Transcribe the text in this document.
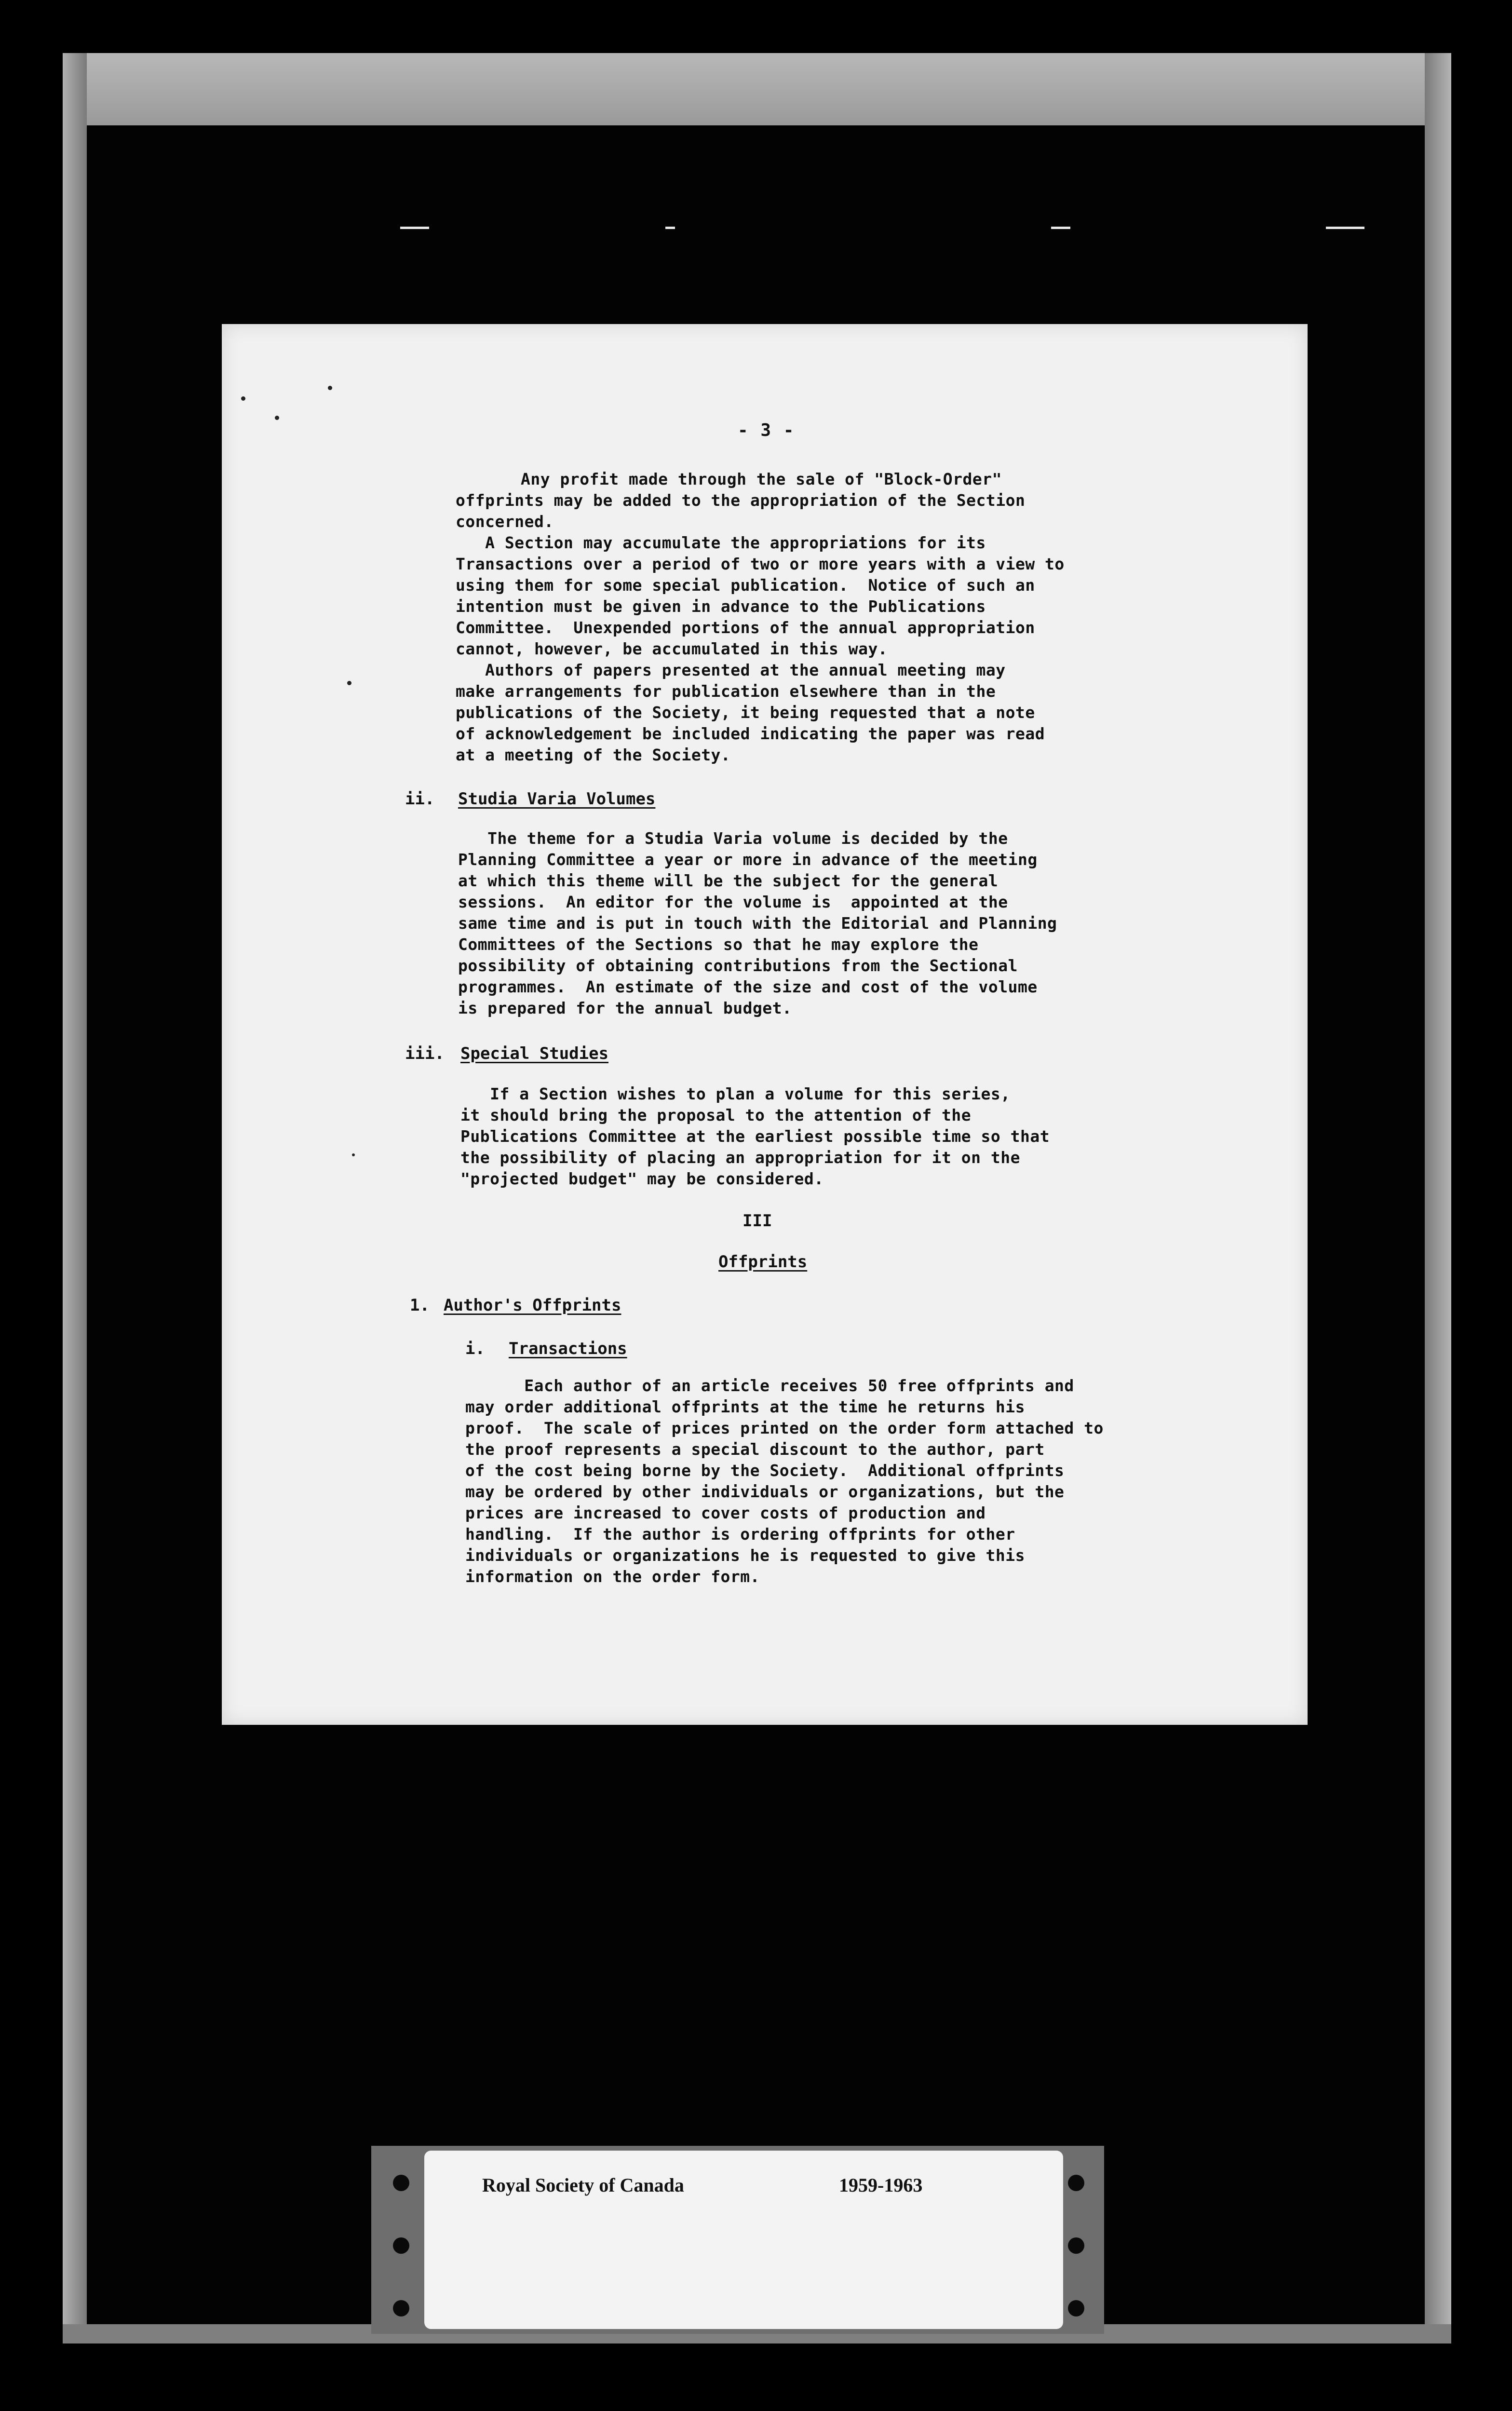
- 3 -
Any profit made through the sale of "Block-Order"
offprints may be added to the appropriation of the Section
concerned.
A Section may accumulate the appropriations for its
Transactions over a period of two or more years with a view to
using them for some special publication.  Notice of such an
intention must be given in advance to the Publications
Committee.  Unexpended portions of the annual appropriation
cannot, however, be accumulated in this way.
Authors of papers presented at the annual meeting may
make arrangements for publication elsewhere than in the
publications of the Society, it being requested that a note
of acknowledgement be included indicating the paper was read
at a meeting of the Society.
ii. Studia Varia Volumes
The theme for a Studia Varia volume is decided by the
Planning Committee a year or more in advance of the meeting
at which this theme will be the subject for the general
sessions.  An editor for the volume is  appointed at the
same time and is put in touch with the Editorial and Planning
Committees of the Sections so that he may explore the
possibility of obtaining contributions from the Sectional
programmes.  An estimate of the size and cost of the volume
is prepared for the annual budget.
iii. Special Studies
If a Section wishes to plan a volume for this series,
it should bring the proposal to the attention of the
Publications Committee at the earliest possible time so that
the possibility of placing an appropriation for it on the
"projected budget" may be considered.
III
Offprints
1. Author's Offprints
i. Transactions
Each author of an article receives 50 free offprints and
may order additional offprints at the time he returns his
proof.  The scale of prices printed on the order form attached to
the proof represents a special discount to the author, part
of the cost being borne by the Society.  Additional offprints
may be ordered by other individuals or organizations, but the
prices are increased to cover costs of production and
handling.  If the author is ordering offprints for other
individuals or organizations he is requested to give this
information on the order form.
Royal Society of Canada	1959-1963
